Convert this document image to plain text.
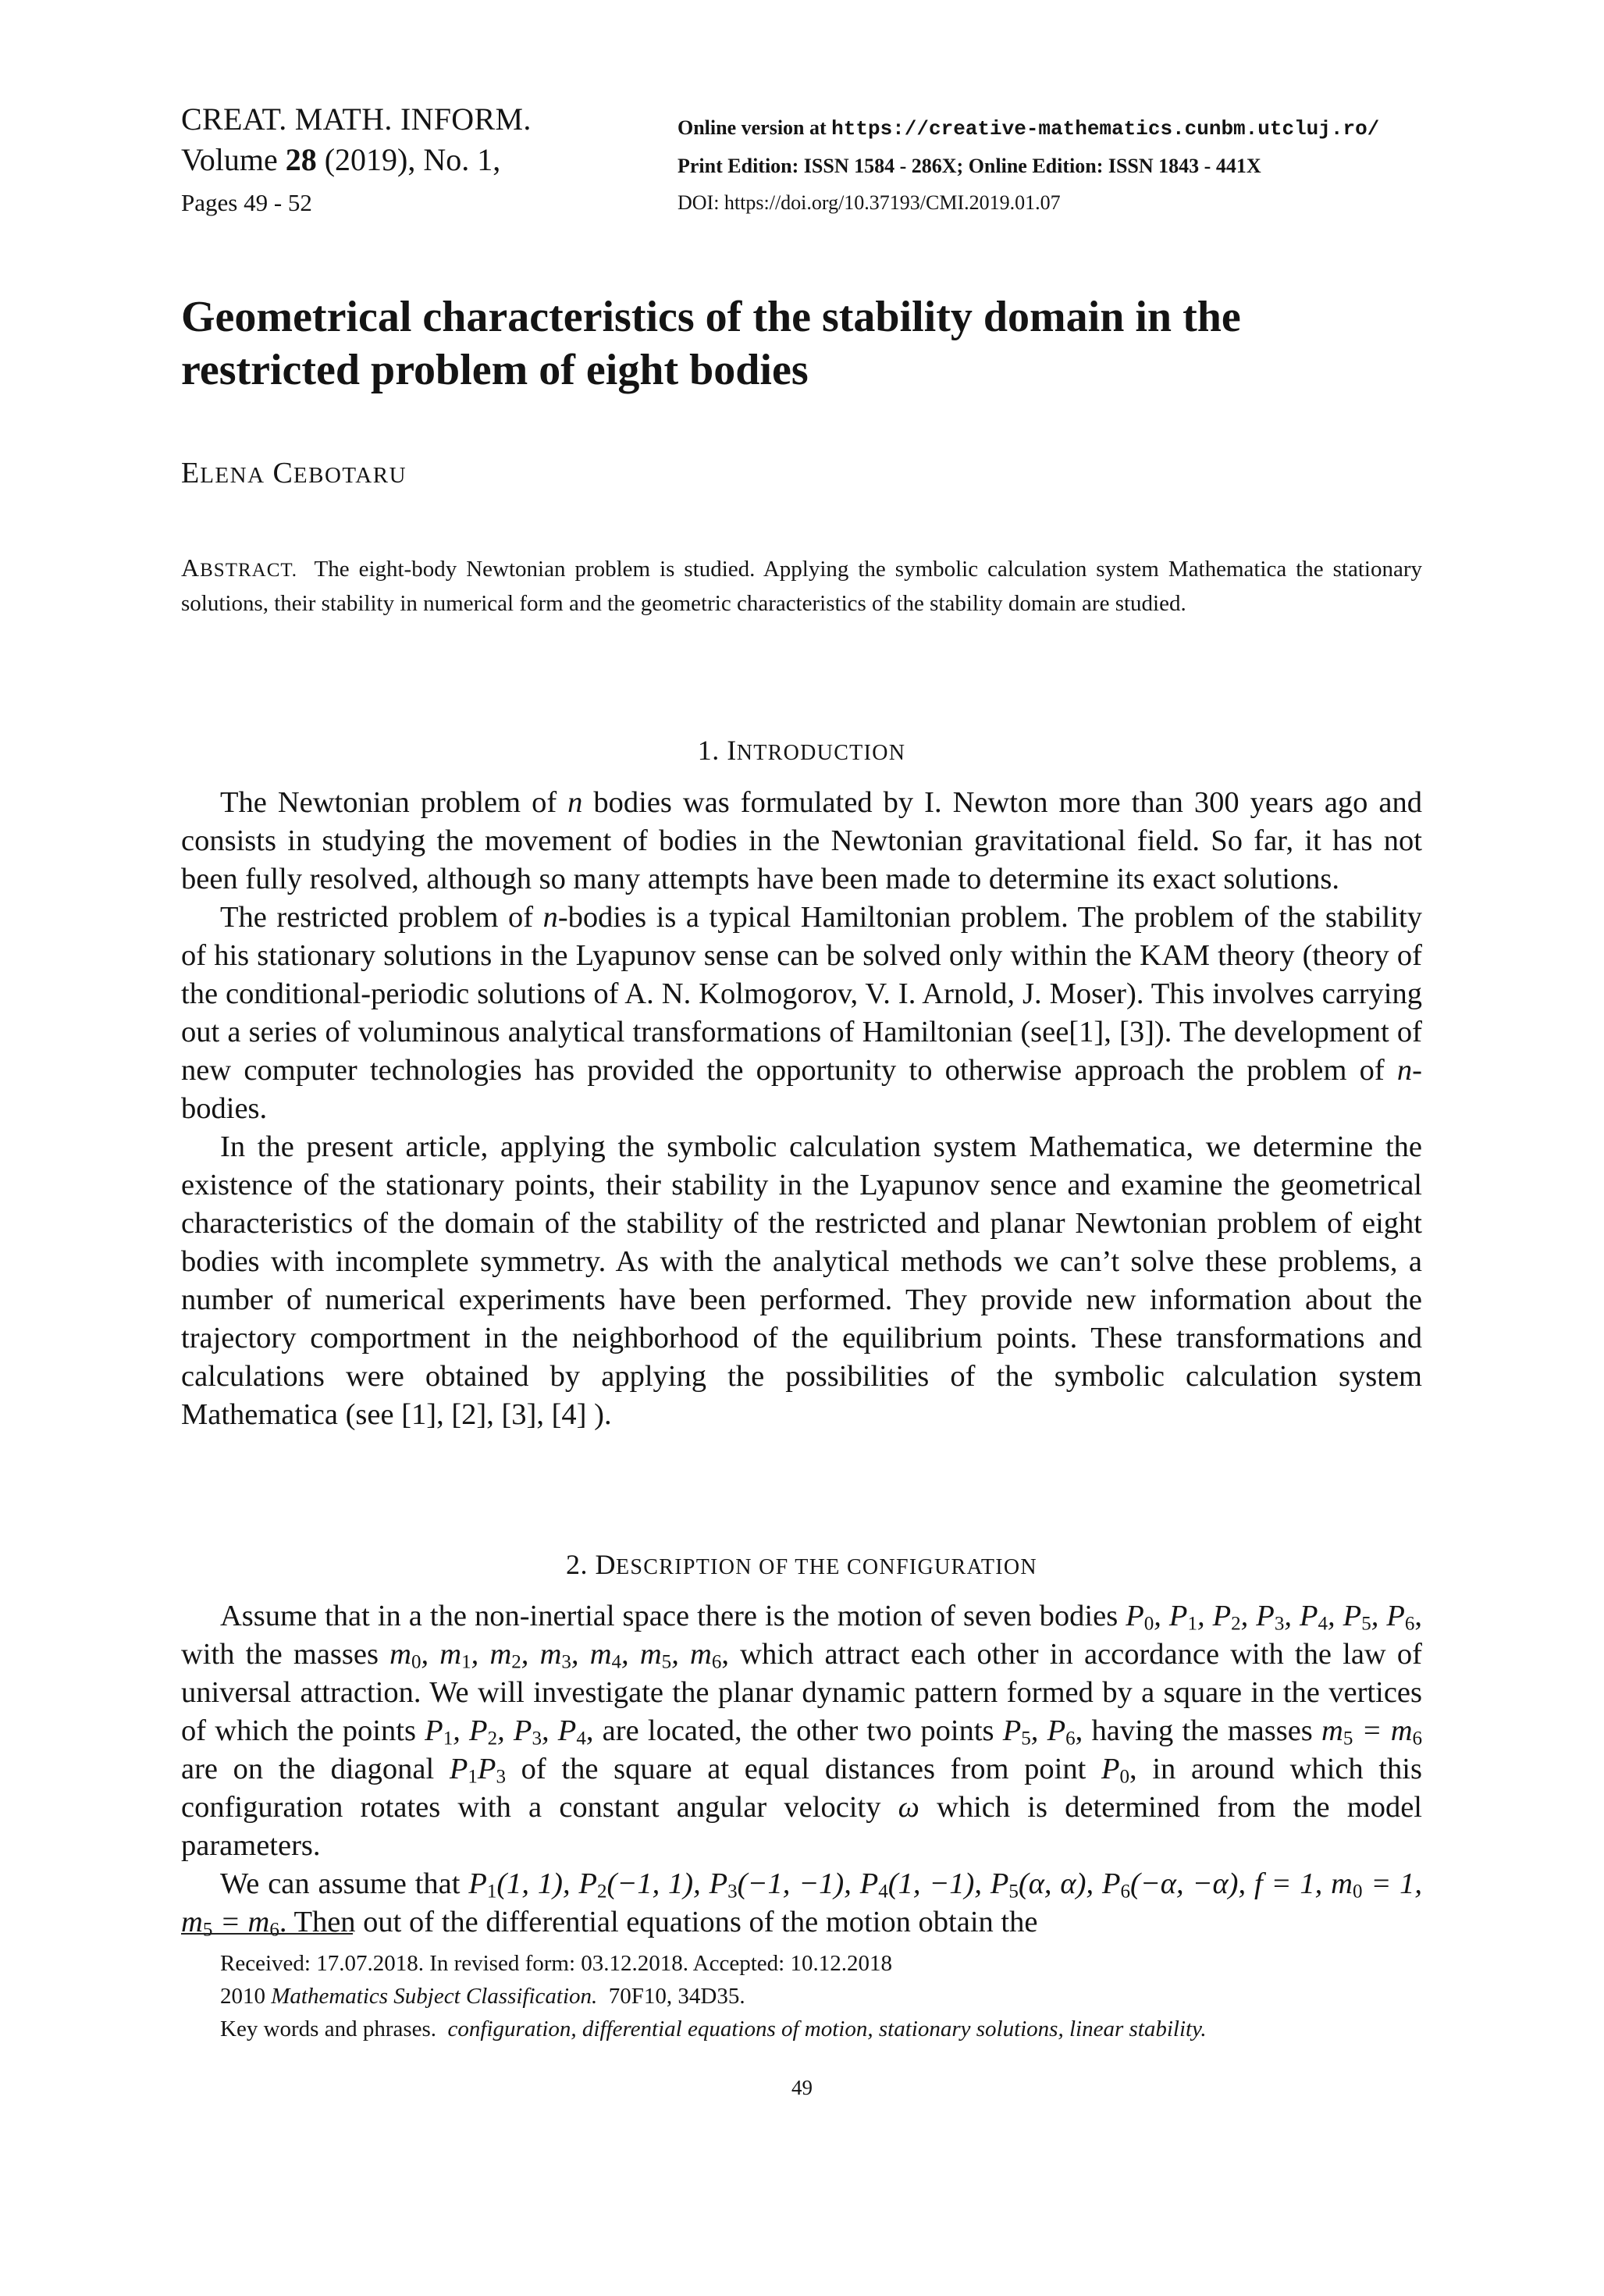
CREAT. MATH. INFORM.
Volume 28 (2019), No. 1,
Pages 49 - 52
Online version at https://creative-mathematics.cunbm.utcluj.ro/
Print Edition: ISSN 1584 - 286X; Online Edition: ISSN 1843 - 441X
DOI: https://doi.org/10.37193/CMI.2019.01.07
Geometrical characteristics of the stability domain in the
restricted problem of eight bodies
ELENA CEBOTARU
ABSTRACT. The eight-body Newtonian problem is studied. Applying the symbolic calculation system Mathematica the stationary solutions, their stability in numerical form and the geometric characteristics of the stability domain are studied.
1. INTRODUCTION

The Newtonian problem of n bodies was formulated by I. Newton more than 300 years ago and consists in studying the movement of bodies in the Newtonian gravitational field. So far, it has not been fully resolved, although so many attempts have been made to determine its exact solutions.

The restricted problem of n-bodies is a typical Hamiltonian problem. The problem of the stability of his stationary solutions in the Lyapunov sense can be solved only within the KAM theory (theory of the conditional-periodic solutions of A. N. Kolmogorov, V. I. Arnold, J. Moser). This involves carrying out a series of voluminous analytical transformations of Hamiltonian (see[1], [3]). The development of new computer technologies has provided the opportunity to otherwise approach the problem of n-bodies.

In the present article, applying the symbolic calculation system Mathematica, we determine the existence of the stationary points, their stability in the Lyapunov sence and examine the geometrical characteristics of the domain of the stability of the restricted and planar Newtonian problem of eight bodies with incomplete symmetry. As with the analytical methods we can’t solve these problems, a number of numerical experiments have been performed. They provide new information about the trajectory comportment in the neighborhood of the equilibrium points. These transformations and calculations were obtained by applying the possibilities of the symbolic calculation system Mathematica (see [1], [2], [3], [4] ).

2. DESCRIPTION OF THE CONFIGURATION

Assume that in a the non-inertial space there is the motion of seven bodies $P_0$, $P_1$, $P_2$, $P_3$, $P_4$, $P_5$, $P_6$, with the masses $m_0$, $m_1$, $m_2$, $m_3$, $m_4$, $m_5$, $m_6$, which attract each other in accordance with the law of universal attraction. We will investigate the planar dynamic pattern formed by a square in the vertices of which the points $P_1$, $P_2$, $P_3$, $P_4$, are located, the other two points $P_5$, $P_6$, having the masses $m_5 = m_6$ are on the diagonal $P_1P_3$ of the square at equal distances from point $P_0$, in around which this configuration rotates with a constant angular velocity ω which is determined from the model parameters.

We can assume that $P_1(1$, 1), $P_2(-1$, 1), $P_3(-1$, −1), $P_4(1$, −1), $P_5(\alpha$, α), $P_6(-\alpha$, −α), f = 1, $m_0 = 1$, $m_5 = m_6$. Then out of the differential equations of the motion obtain the

Received: 17.07.2018. In revised form: 03.12.2018. Accepted: 10.12.2018
2010 Mathematics Subject Classification. 70F10, 34D35.
Key words and phrases. configuration, differential equations of motion, stationary solutions, linear stability.
49
